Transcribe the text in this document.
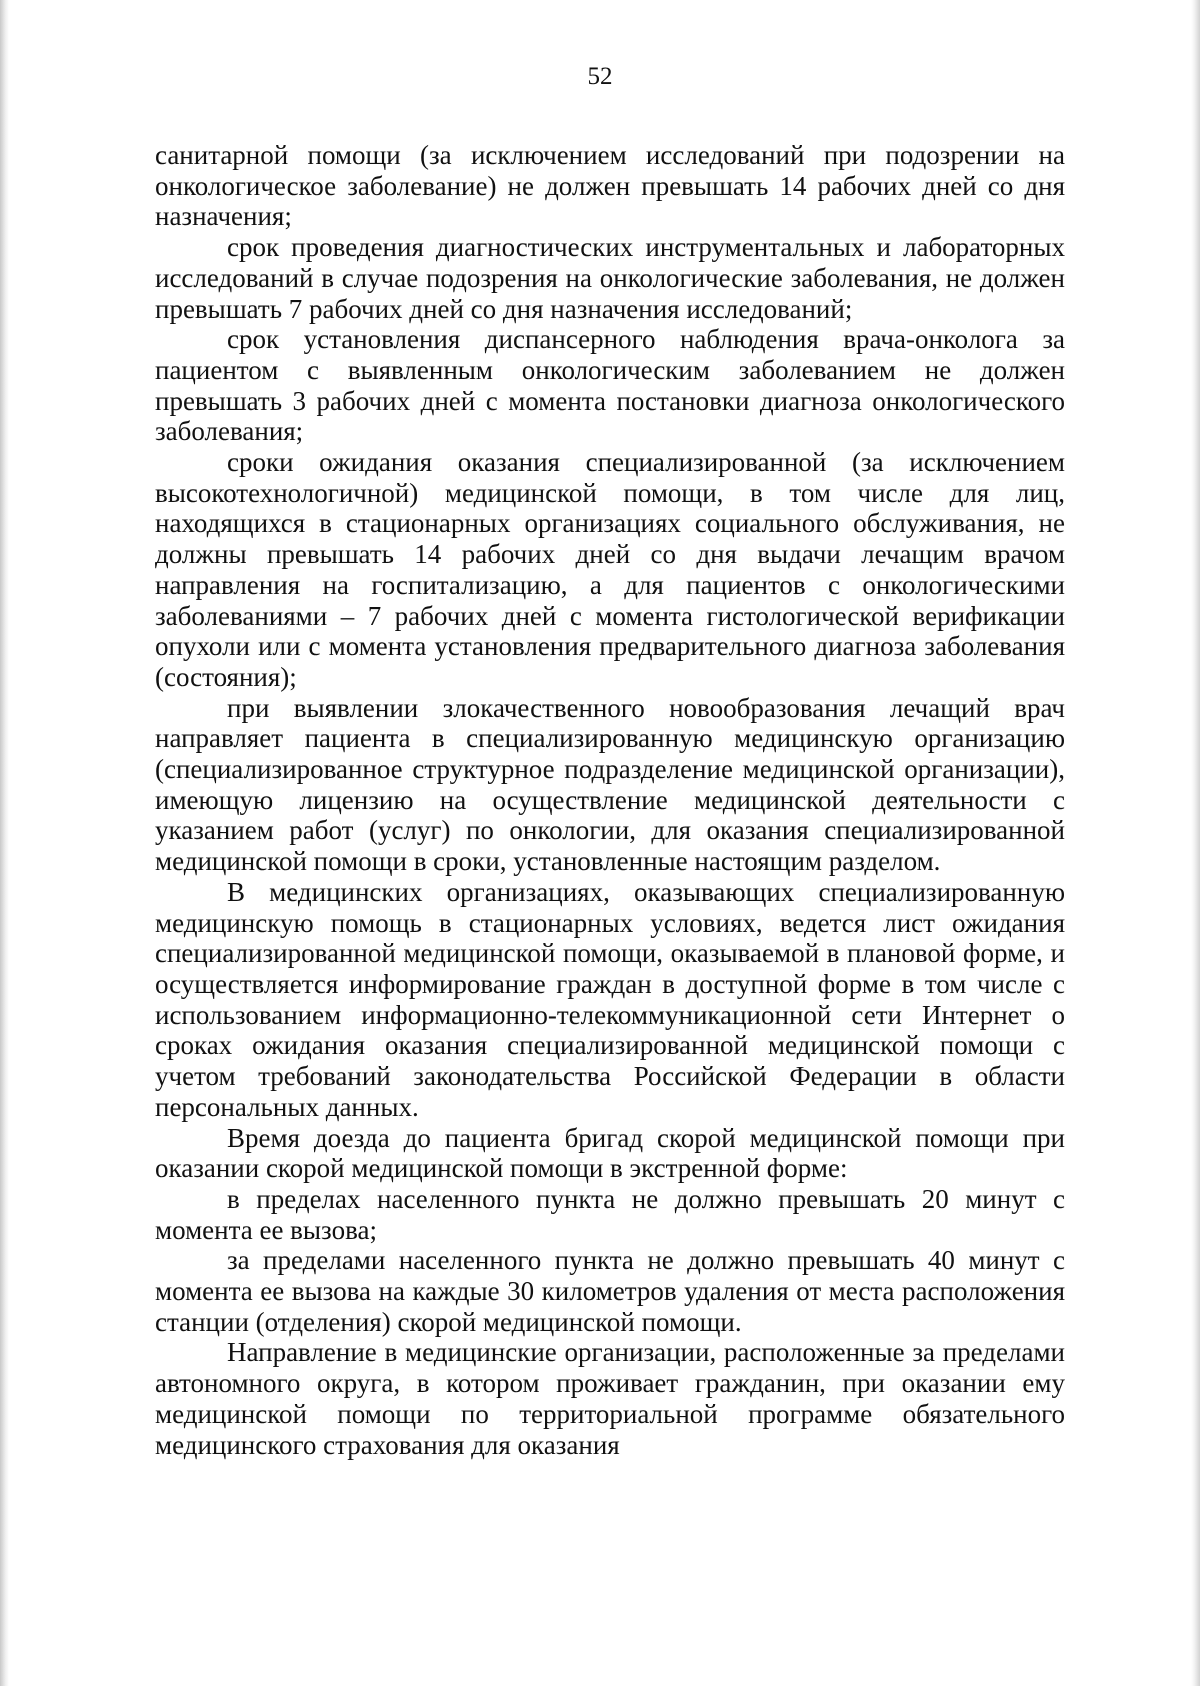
52

санитарной помощи (за исключением исследований при подозрении на онкологическое заболевание) не должен превышать 14 рабочих дней со дня назначения;

срок проведения диагностических инструментальных и лабораторных исследований в случае подозрения на онкологические заболевания, не должен превышать 7 рабочих дней со дня назначения исследований;

срок установления диспансерного наблюдения врача-онколога за пациентом с выявленным онкологическим заболеванием не должен превышать 3 рабочих дней с момента постановки диагноза онкологического заболевания;

сроки ожидания оказания специализированной (за исключением высокотехнологичной) медицинской помощи, в том числе для лиц, находящихся в стационарных организациях социального обслуживания, не должны превышать 14 рабочих дней со дня выдачи лечащим врачом направления на госпитализацию, а для пациентов с онкологическими заболеваниями – 7 рабочих дней с момента гистологической верификации опухоли или с момента установления предварительного диагноза заболевания (состояния);

при выявлении злокачественного новообразования лечащий врач направляет пациента в специализированную медицинскую организацию (специализированное структурное подразделение медицинской организации), имеющую лицензию на осуществление медицинской деятельности с указанием работ (услуг) по онкологии, для оказания специализированной медицинской помощи в сроки, установленные настоящим разделом.

В медицинских организациях, оказывающих специализированную медицинскую помощь в стационарных условиях, ведется лист ожидания специализированной медицинской помощи, оказываемой в плановой форме, и осуществляется информирование граждан в доступной форме в том числе с использованием информационно-телекоммуникационной сети Интернет о сроках ожидания оказания специализированной медицинской помощи с учетом требований законодательства Российской Федерации в области персональных данных.

Время доезда до пациента бригад скорой медицинской помощи при оказании скорой медицинской помощи в экстренной форме:

в пределах населенного пункта не должно превышать 20 минут с момента ее вызова;

за пределами населенного пункта не должно превышать 40 минут с момента ее вызова на каждые 30 километров удаления от места расположения станции (отделения) скорой медицинской помощи.

Направление в медицинские организации, расположенные за пределами автономного округа, в котором проживает гражданин, при оказании ему медицинской помощи по территориальной программе обязательного медицинского страхования для оказания
